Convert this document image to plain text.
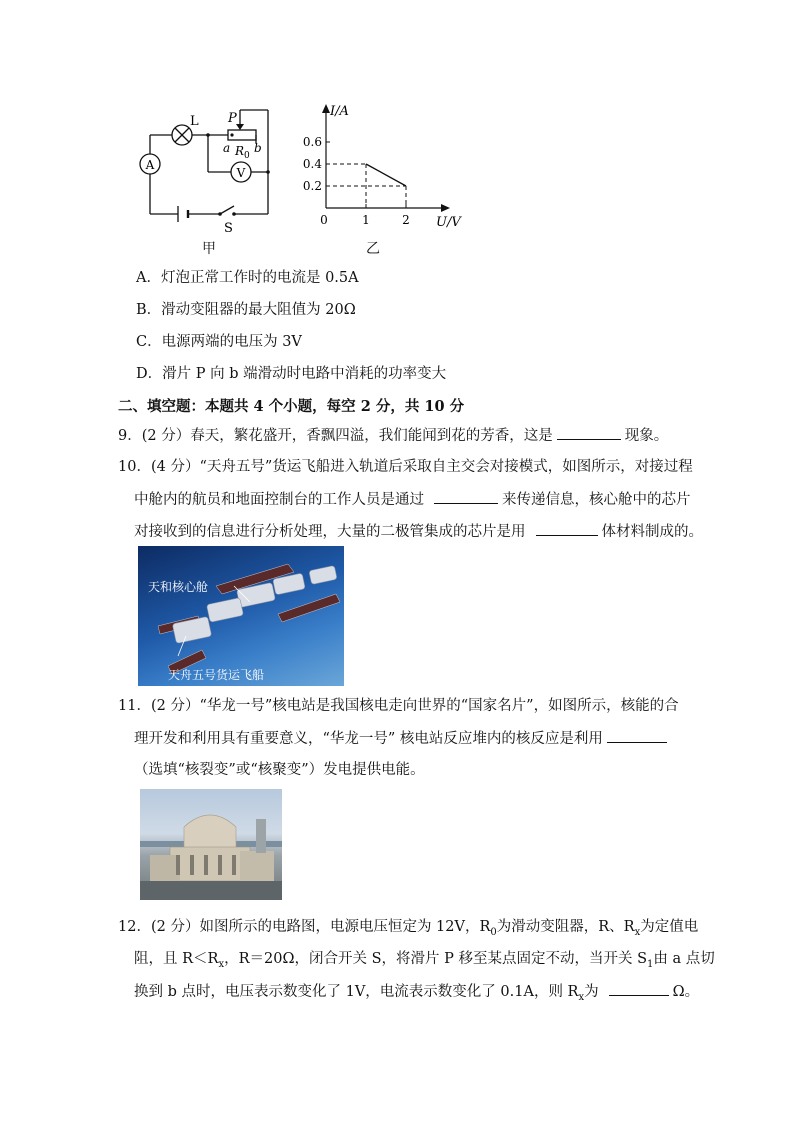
A
V
L P
a R 0
b
S
甲
0.6
0.4
0.2
0	1	2
I/A
U/V
乙
A．灯泡正常工作时的电流是 0.5A
B．滑动变阻器的最大阻值为 20Ω
C．电源两端的电压为 3V
D．滑片 P 向 b 端滑动时电路中消耗的功率变大
二、填空题：本题共 4 个小题，每空 2 分，共 10 分
9．(2 分）春天，繁花盛开，香飘四溢，我们能闻到花的芳香，这是	现象。
10．(4 分）“天舟五号”货运飞船进入轨道后采取自主交会对接模式，如图所示，对接过程
中舱内的航员和地面控制台的工作人员是通过	来传递信息，核心舱中的芯片
对接收到的信息进行分析处理，大量的二极管集成的芯片是用	体材料制成的。
天和核心舱
天舟五号货运飞船
11．(2 分）“华龙一号”核电站是我国核电走向世界的“国家名片”，如图所示，核能的合
理开发和利用具有重要意义，“华龙一号” 核电站反应堆内的核反应是利用
（选填“核裂变”或“核聚变”）发电提供电能。
12．(2 分）如图所示的电路图，电源电压恒定为 12V，$R_0$为滑动变阻器，R、$R_x$为定值电
阻，且 $R<R_x$，R＝20Ω，闭合开关 S，将滑片 P 移至某点固定不动，当开关 $S_1$由 a 点切
换到 b 点时，电压表示数变化了 1V，电流表示数变化了 0.1A，则 $R_x$为	Ω。
